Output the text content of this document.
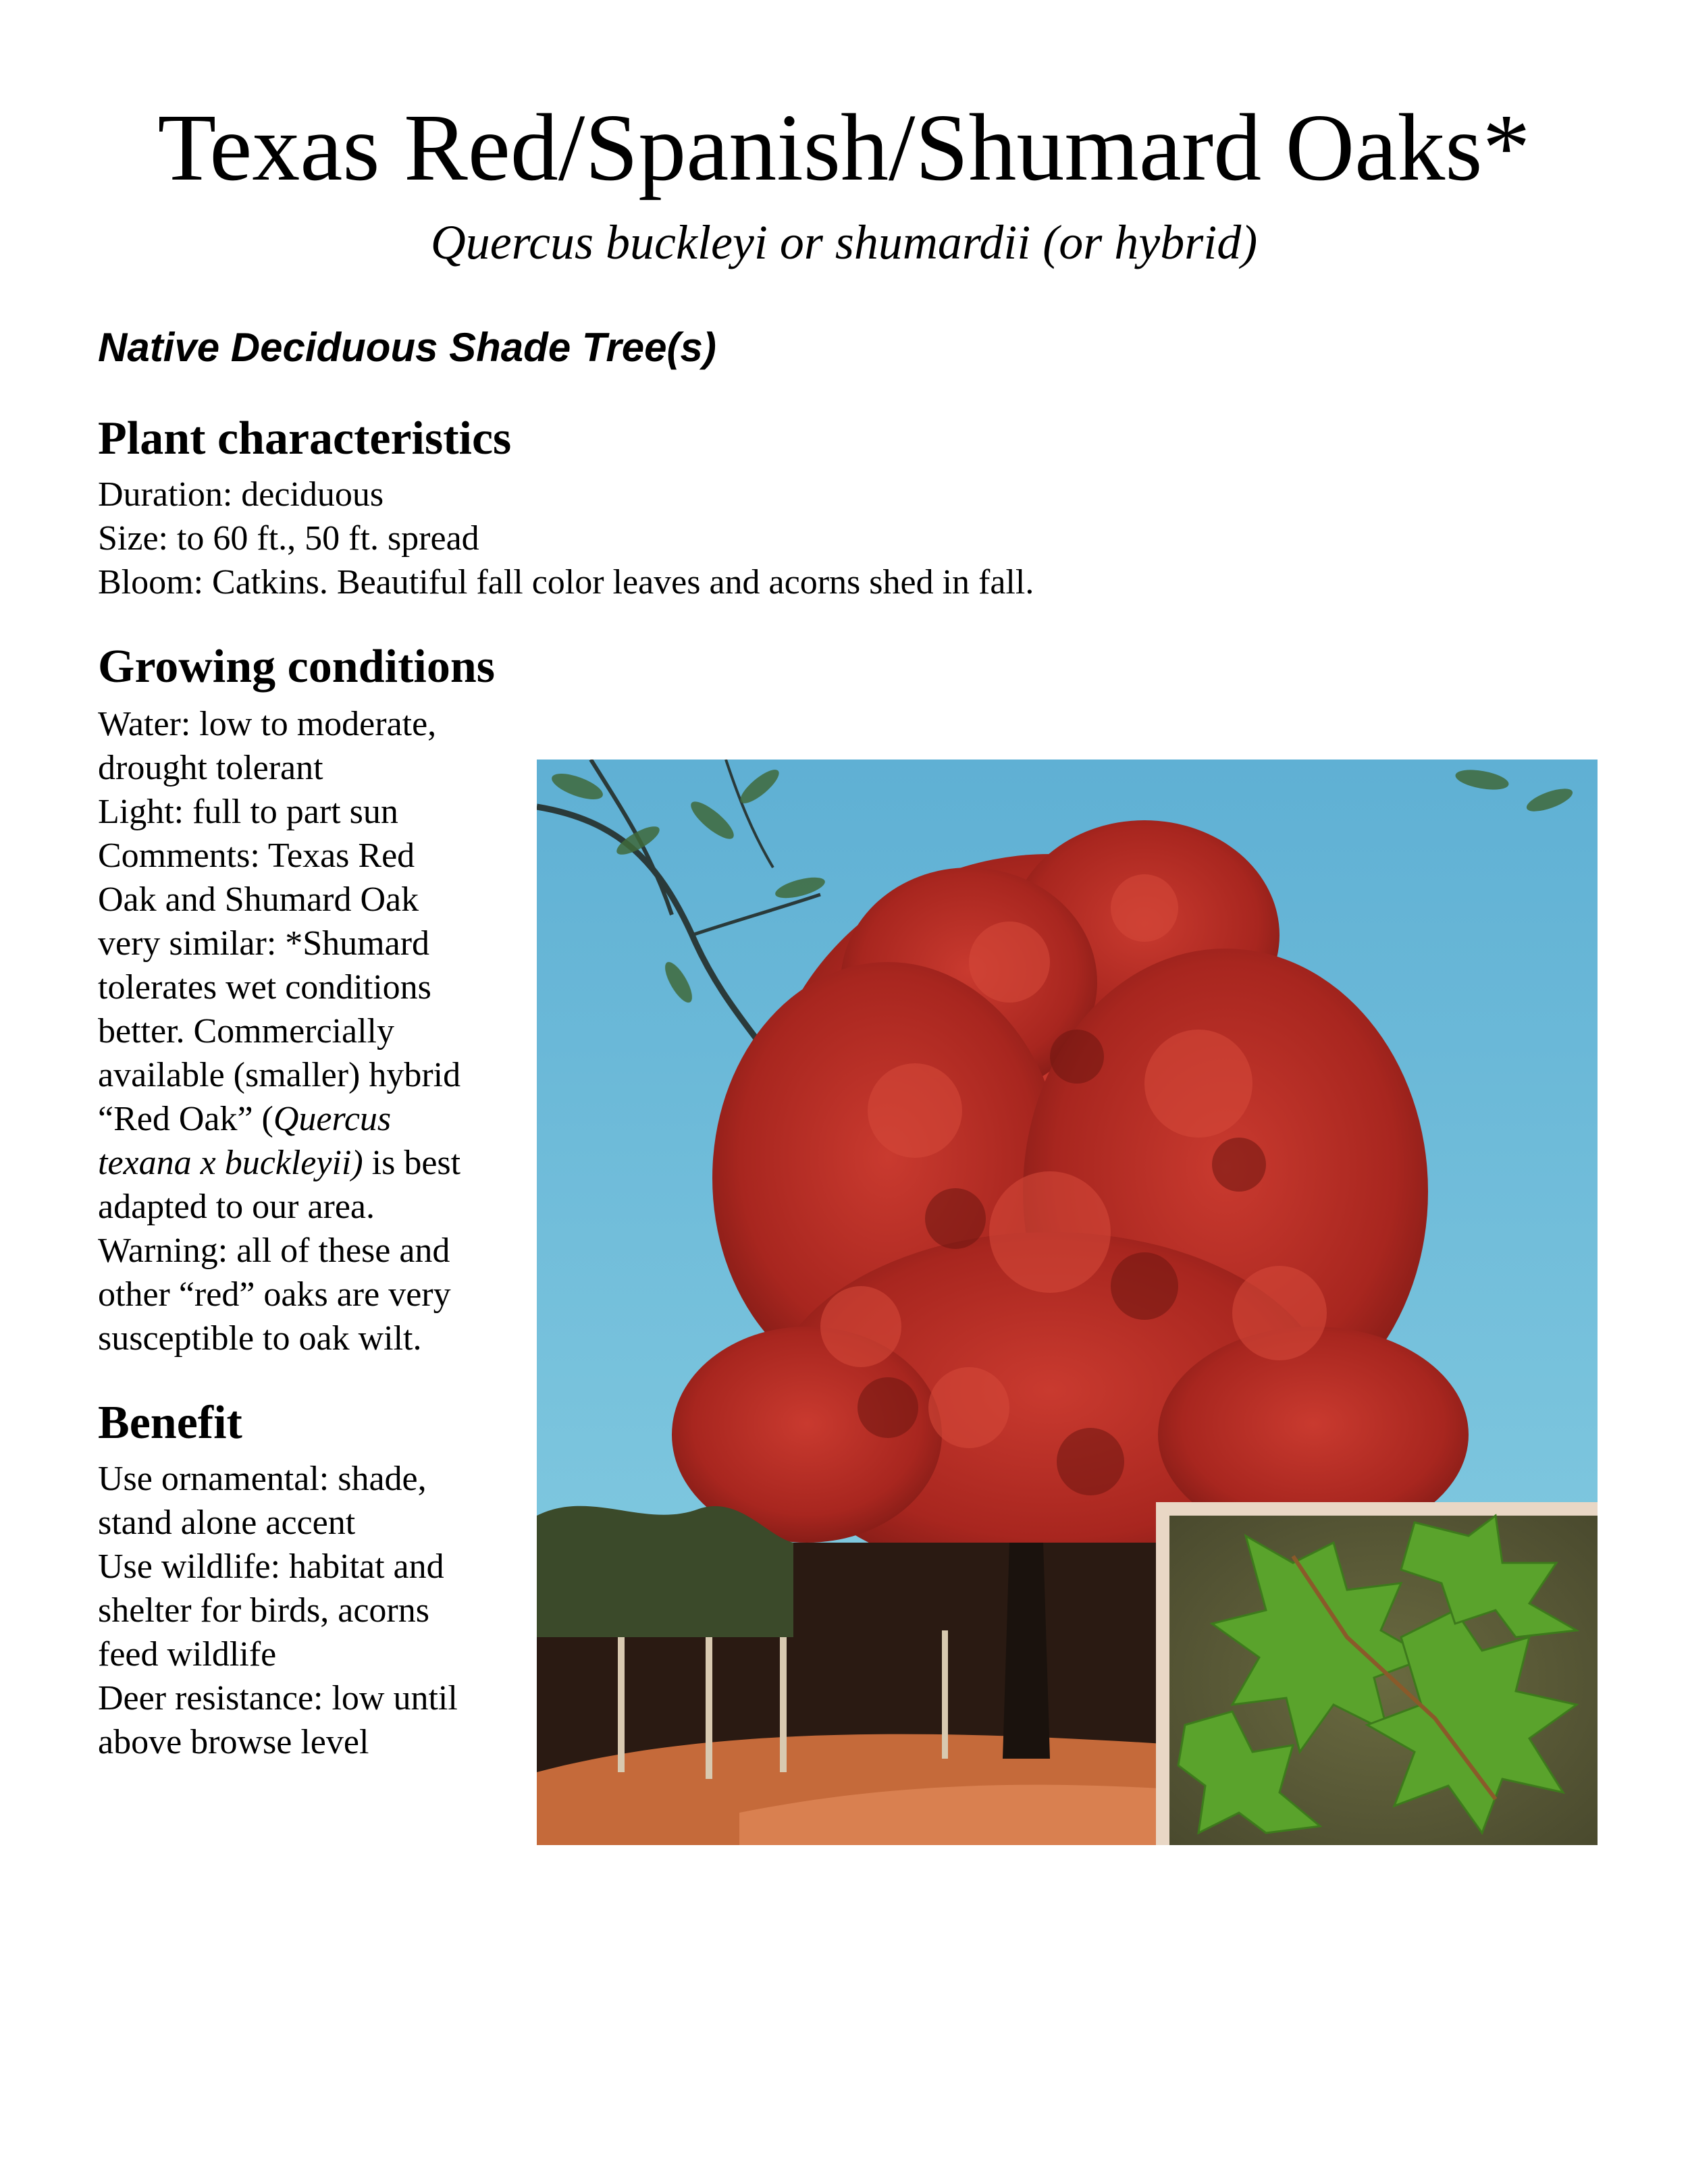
Texas Red/Spanish/Shumard Oaks*
Quercus buckleyi or shumardii (or hybrid)
Native Deciduous Shade Tree(s)
Plant characteristics
Duration: deciduous
Size: to 60 ft., 50 ft. spread
Bloom: Catkins. Beautiful fall color leaves and acorns shed in fall.
Growing conditions
Water: low to moderate,
drought tolerant
Light: full to part sun
Comments: Texas Red
Oak and Shumard Oak
very similar: *Shumard
tolerates wet conditions
better. Commercially
available (smaller) hybrid
“Red Oak” (Quercus
texana x buckleyii) is best
adapted to our area.
Warning: all of these and
other “red” oaks are very
susceptible to oak wilt.
Benefit
Use ornamental: shade,
stand alone accent
Use wildlife: habitat and
shelter for birds, acorns
feed wildlife
Deer resistance: low until
above browse level
